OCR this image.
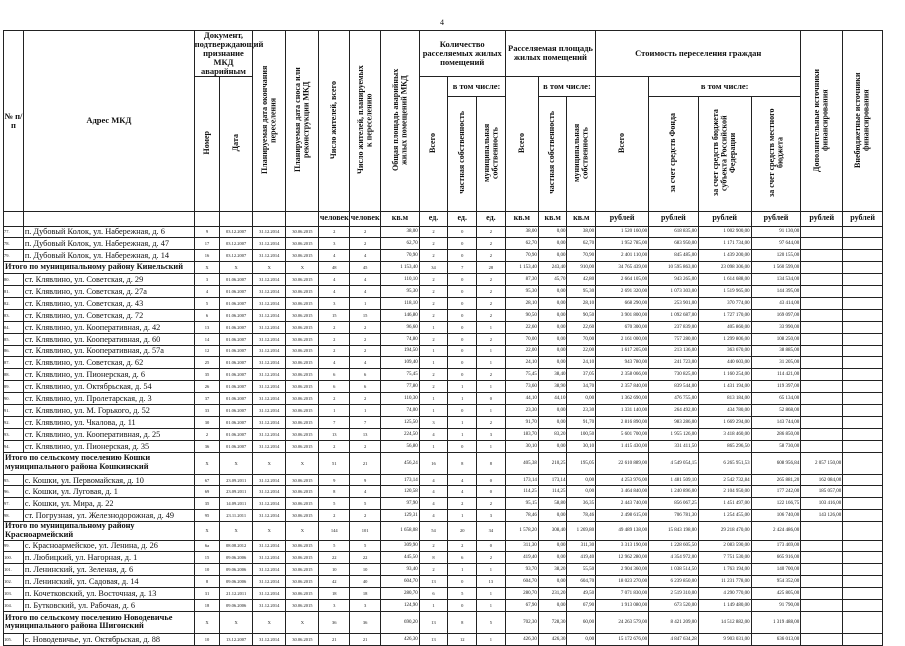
4
№ п/п	Адрес МКД	Документ, подтверждающий признание МКД аварийным		Планируемая дата окончания переселения	Планируемая дата сноса или реконструкции МКД	Число жителей, всего	Число жителей, планируемых к переселению	Общая площадь аварийных жилых помещений МКД	Количество расселяемых жилых помещений			Расселяемая площадь жилых помещений			Стоимость переселения граждан				Дополнительные источники финансирования	Внебюджетные источники финансирования
		Номер	Дата						Всего	в том числе:		Всего	в том числе:		Всего	в том числе:				
										частная собственность	муниципальная собственность		частная собственность	муниципальная собственность		за счет средств Фонда	за счет средств бюджета субъекта Российской Федерации	за счет средств местного бюджета		
						человек	человек	кв.м	ед.	ед.	ед.	кв.м	кв.м	кв.м	рублей	рублей	рублей	рублей	рублей	рублей
77.	п. Дубовый Колок, ул. Набережная, д. 6	9	03.12.2007	31.12.2014	30.06.2015	2	2	38,00	2	0	2	38,00	0,00	38,00	1 520 160,00	618 835,00	1 002 900,00	91 130,00		
78.	п. Дубовый Колок, ул. Набережная, д. 47	17	03.12.2007	31.12.2014	30.06.2015	3	2	62,70	2	0	2	62,70	0,00	62,70	1 952 785,00	683 950,00	1 171 734,00	97 644,00		
79.	п. Дубовый Колок, ул. Набережная, д. 14	16	03.12.2007	31.12.2014	30.06.2015	4	4	70,90	2	0	2	70,90	0,00	70,90	2 401 110,00	845 485,00	1 439 200,00	120 155,00		
Итого по муниципальному району Кинельский		X	X	X	X	48	45	1 153,40	34	7	28	1 153,40	243,40	910,00	34 765 439,00	10 595 863,00	23 098 306,00	1 560 599,00		
80.	ст. Клявлино, ул. Советская, д. 29	3	01.06.2007	31.12.2014	30.06.2015	4	4	110,10	2	0	2	87,30	45,70	42,80	2 664 105,00	943 265,00	1 614 688,00	134 534,00		
81.	ст. Клявлино, ул. Советская, д. 27а	4	01.06.2007	31.12.2014	30.06.2015	4	4	95,30	2	0	2	95,30	0,00	95,30	2 691 320,00	1 073 303,00	1 519 965,00	144 395,00		
82.	ст. Клявлино, ул. Советская, д. 43	5	01.06.2007	31.12.2014	30.06.2015	3	1	118,10	2	0	2	28,10	0,00	28,10	668 290,00	253 901,00	370 774,00	43 414,00		
83.	ст. Клявлино, ул. Советская, д. 72	6	01.06.2007	31.12.2014	30.06.2015	15	15	146,80	2	0	2	90,50	0,00	90,50	3 901 800,00	1 092 687,00	1 727 170,00	169 097,00		
84.	ст. Клявлино, ул. Кооперативная, д. 42	13	01.06.2007	31.12.2014	30.06.2015	2	2	96,60	1	0	1	22,60	0,00	22,60	670 300,00	237 839,00	405 860,00	33 990,00		
85.	ст. Клявлино, ул. Кооперативная, д. 60	14	01.06.2007	31.12.2014	30.06.2015	2	2	74,80	2	0	2	70,00	0,00	70,00	2 161 000,00	757 280,00	1 299 806,00	108 250,00		
86.	ст. Клявлино, ул. Кооперативная, д. 57а	12	01.06.2007	31.12.2014	30.06.2015	2	2	194,50	1	0	1	22,00	0,00	22,00	1 617 205,00	213 136,00	363 670,00	38 885,00		
87.	ст. Клявлино, ул. Советская, д. 62	25	01.06.2007	31.12.2014	30.06.2015	4	4	109,40	1	0	1	24,10	0,00	24,10	943 780,00	241 723,00	440 603,00	31 205,00		
88.	ст. Клявлино, ул. Пионерская, д. 6	35	01.06.2007	31.12.2014	30.06.2015	6	6	75,45	2	0	2	75,45	38,40	37,05	2 358 066,00	730 825,00	1 160 254,00	114 421,00		
89.	ст. Клявлино, ул. Октябрьская, д. 54	26	01.06.2007	31.12.2014	30.06.2015	6	6	77,80	2	1	1	73,60	38,90	34,70	2 357 840,00	839 544,00	1 431 194,00	119 397,00		
90.	ст. Клявлино, ул. Пролетарская, д. 3	37	01.06.2007	31.12.2014	30.06.2015	2	2	110,30	1	1	0	44,10	44,10	0,00	1 362 690,00	476 755,00	813 184,00	65 134,00		
91.	ст. Клявлино, ул. М. Горького, д. 52	33	01.06.2007	31.12.2014	30.06.2015	1	1	74,00	1	0	1	23,30	0,00	23,30	1 331 140,00	264 492,00	434 780,00	52 868,00		
92.	ст. Клявлино, ул. Чкалова, д. 11	30	01.06.2007	31.12.2014	30.06.2015	7	7	125,50	3	1	2	91,70	0,00	91,70	2 816 890,00	983 286,00	1 669 294,00	143 744,00		
93.	ст. Клявлино, ул. Кооперативная, д. 25	2	01.06.2007	31.12.2014	30.06.2015	13	13	224,50	4	1	3	183,70	83,20	100,50	5 601 700,00	1 955 126,00	3 418 460,00	286 850,00		
94.	ст. Клявлино, ул. Пионерская, д. 35	36	01.06.2007	31.12.2014	30.06.2015	2	2	56,80	1	0	1	30,10	0,00	30,10	1 415 430,00	331 411,50	865 296,50	58 730,00		
Итого по сельскому поселению Кошки муниципального района Кошкинский		X	X	X	X	51	21	456,24	16	8	8	405,38	210,25	195,05	22 610 889,00	4 549 054,15	6 265 951,53	608 956,84	2 057 150,00	
95.	с. Кошки, ул. Первомайская, д. 10	67	23.09.2011	31.12.2014	30.06.2015	9	9	173,14	4	4	0	173,14	173,14	0,00	4 253 976,00	1 481 509,10	2 542 732,84	265 881,20	162 084,00	
96.	с. Кошки, ул. Луговая, д. 1	69	23.09.2011	31.12.2014	30.06.2015	8	4	120,58	4	4	0	114,25	114,25	0,00	3 464 840,00	1 240 896,00	2 104 950,00	177 242,00	185 057,00	
97.	с. Кошки, ул. Мира, д. 22	35	14.09.2011	31.12.2014	30.06.2015	5	5	97,90	4	2	2	95,15	58,80	36,35	2 443 740,00	856 067,25	1 451 497,00	122 166,75	103 416,00	
98.	ст. Погрузная, ул. Железнодорожная, д. 49	95	23.11.2011	31.12.2014	30.06.2015	2	2	129,31	4	1	3	78,46	0,00	78,46	2 498 615,00	706 781,30	1 254 455,00	106 740,00	143 126,00	
Итого по муниципальному району Красноармейский		X	X	X	X	144	101	1 658,08	54	20	34	1 578,20	308,40	1 269,80	49 489 138,00	15 843 198,00	29 218 470,00	2 424 486,00		
99.	с. Красноармейское, ул. Ленина, д. 26	6а	08.08.2012	31.12.2014	30.06.2015	5	5	309,90	2	2	0	311,30	0,00	311,30	3 313 190,00	1 228 605,50	2 083 590,00	173 469,00		
100.	п. Любицкий, ул. Нагорная, д. 1	15	09.06.2006	31.12.2014	30.06.2015	22	22	445,50	8	6	2	419,40	0,00	419,40	12 962 280,00	4 354 972,00	7 751 530,00	665 916,00		
101.	п. Ленинский, ул. Зеленая, д. 6	10	09.06.2006	31.12.2014	30.06.2015	10	10	93,40	2	1	1	93,70	38,20	55,50	2 904 360,00	1 038 514,50	1 763 194,00	140 700,00		
102.	п. Ленинский, ул. Садовая, д. 14	8	09.06.2006	31.12.2014	30.06.2015	42	40	604,70	13	0	13	604,70	0,00	604,70	18 023 270,00	6 239 850,00	11 231 778,00	954 352,00		
103.	п. Кочетковский, ул. Восточная, д. 13	31	21.12.2011	31.12.2014	30.06.2015	18	18	280,70	6	5	1	280,70	231,20	49,50	7 071 830,00	2 519 310,00	4 290 770,00	425 805,00		
104.	п. Бутковский, ул. Рабочая, д. 6	18	09.06.2006	31.12.2014	30.06.2015	3	3	124,90	1	0	1	67,90	0,00	67,90	1 913 080,00	673 520,00	1 149 480,00	91 790,00		
Итого по сельскому поселению Новодевичье муниципального района Шигонский		X	X	X	X	36	36	690,20	13	8	5	702,30	728,30	60,00	24 263 579,00	8 421 209,00	14 512 882,00	1 319 488,00		
105.	с. Новодевичье, ул. Октябрьская, д. 88	10	13.12.2007	31.12.2014	30.06.2015	21	21	426,30	13	12	1	426,30	426,30	0,00	15 172 676,00	4 847 634,28	9 903 031,00	636 013,00		
